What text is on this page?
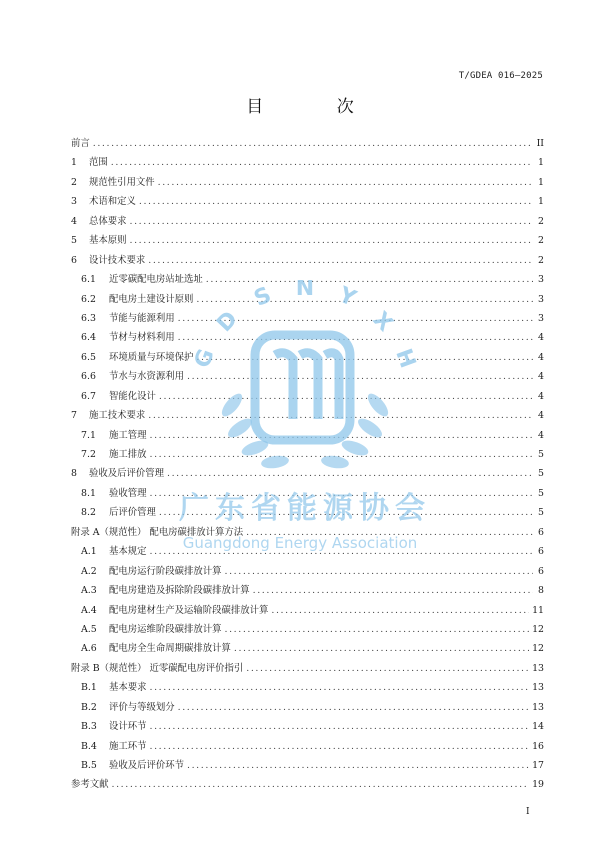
T/GDEA 016—2025
目 次
前言 .....	II
1	范围 .....	1
2	规范性引用文件 .....	1
3	术语和定义 .....	1
4	总体要求 .....	2
5	基本原则 .....	2
6	设计技术要求 .....	2
6.1	近零碳配电房站址选址 .....	3
6.2	配电房土建设计原则 .....	3
6.3	节能与能源利用 .....	3
6.4	节材与材料利用 .....	4
6.5	环境质量与环境保护 .....	4
6.6	节水与水资源利用 .....	4
6.7	智能化设计 .....	4
7	施工技术要求 .....	4
7.1	施工管理 .....	4
7.2	施工排放 .....	5
8	验收及后评价管理 .....	5
8.1	验收管理 .....	5
8.2	后评价管理 .....	5
附录 A（规范性） 配电房碳排放计算方法 .....	6
A.1	基本规定 .....	6
A.2	配电房运行阶段碳排放计算 .....	6
A.3	配电房建造及拆除阶段碳排放计算 .....	8
A.4	配电房建材生产及运输阶段碳排放计算 .....	11
A.5	配电房运维阶段碳排放计算 .....	12
A.6	配电房全生命周期碳排放计算 .....	12
附录 B（规范性） 近零碳配电房评价指引 .....	13
B.1	基本要求 .....	13
B.2	评价与等级划分 .....	13
B.3	设计环节 .....	14
B.4	施工环节 .....	16
B.5	验收及后评价环节 .....	17
参考文献 .....	19
G
D
S N Y
X
H
广东省能源协会
Guangdong Energy Association
I
